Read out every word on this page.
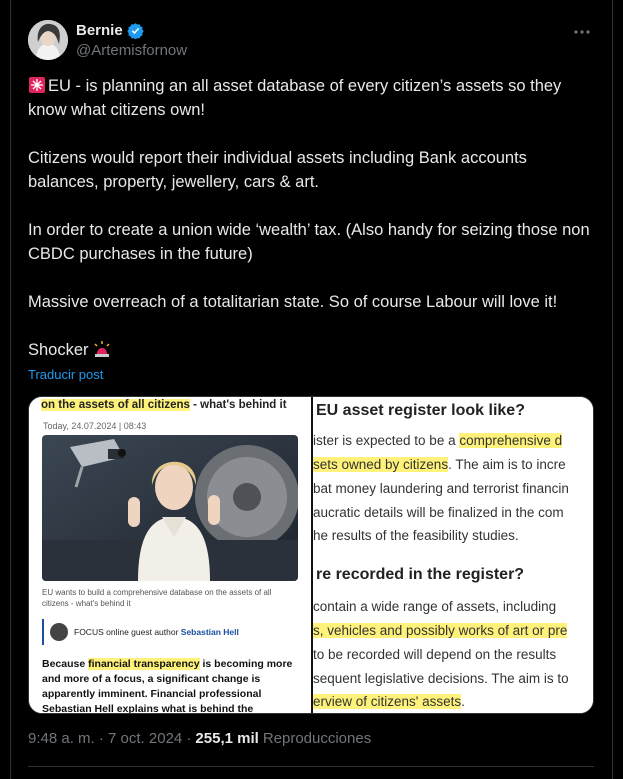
Bernie
@Artemisfornow

EU - is planning an all asset database of every citizen’s assets so they know what citizens own!

Citizens would report their individual assets including Bank accounts balances, property, jewellery, cars & art.

In order to create a union wide ‘wealth’ tax. (Also handy for seizing those non CBDC purchases in the future)

Massive overreach of a totalitarian state. So of course Labour will love it!

Shocker

Traducir post
on the assets of all citizens - what's behind it
Today, 24.07.2024 | 08:43
EU wants to build a comprehensive database on the assets of all citizens - what's behind it
FOCUS online guest author Sebastian Hell
Because financial transparency is becoming more and more of a focus, a significant change is apparently imminent. Financial professional Sebastian Hell explains what is behind the
EU asset register look like?
ister is expected to be a comprehensive d
sets owned by citizens. The aim is to incre
bat money laundering and terrorist financin
aucratic details will be finalized in the com
he results of the feasibility studies.
re recorded in the register?
contain a wide range of assets, including
s, vehicles and possibly works of art or pre
to be recorded will depend on the results
sequent legislative decisions. The aim is to
erview of citizens' assets.
9:48 a. m. · 7 oct. 2024 · 255,1 mil Reproducciones
